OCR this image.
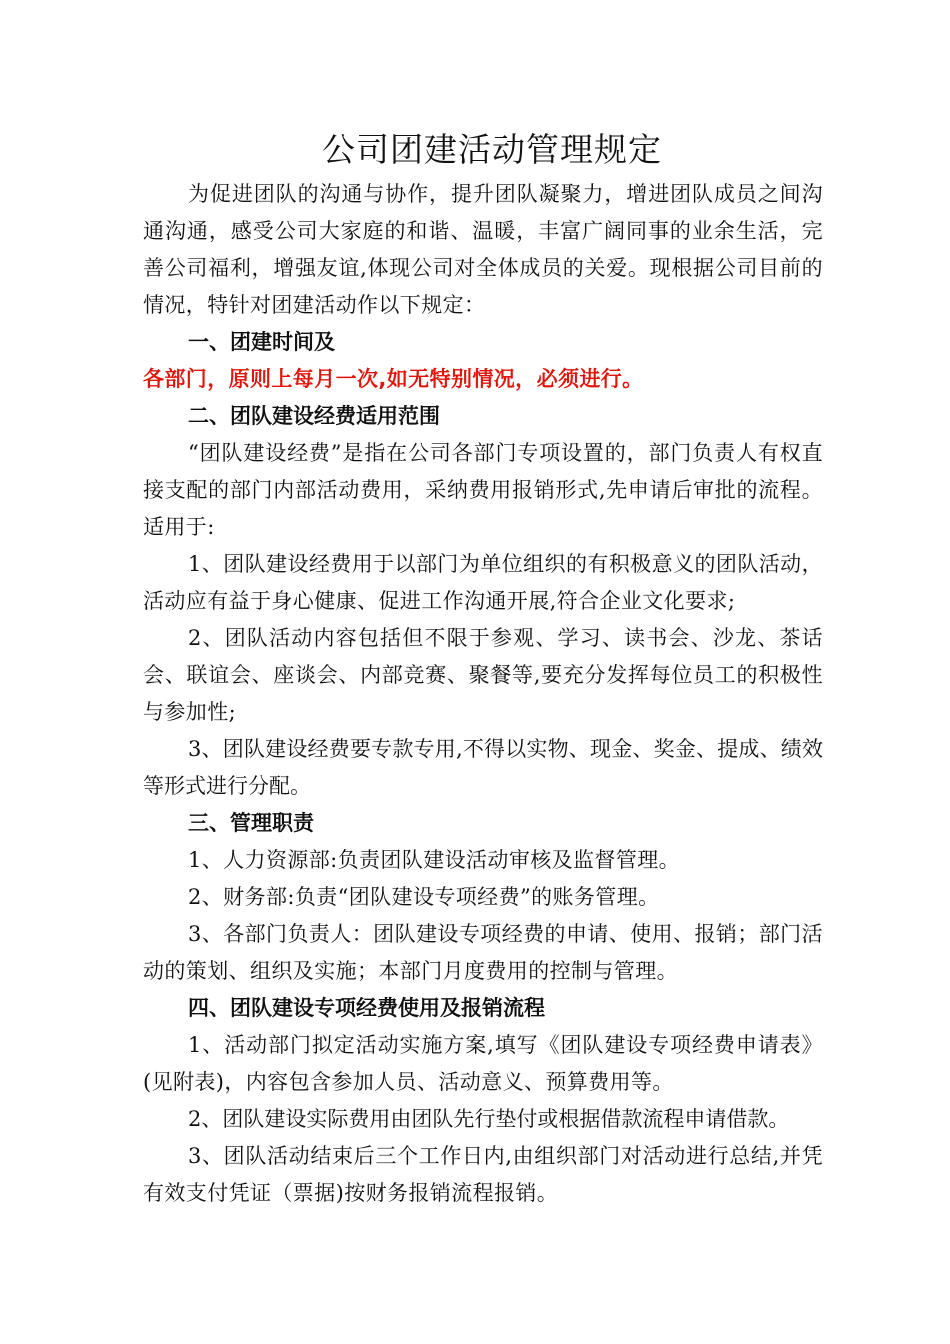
公司团建活动管理规定

为促进团队的沟通与协作，提升团队凝聚力，增进团队成员之间沟通沟通，感受公司大家庭的和谐、温暖，丰富广阔同事的业余生活，完善公司福利，增强友谊,体现公司对全体成员的关爱。现根据公司目前的情况，特针对团建活动作以下规定：

一、团建时间及

各部门，原则上每月一次,如无特别情况，必须进行。

二、团队建设经费适用范围

“团队建设经费”是指在公司各部门专项设置的，部门负责人有权直接支配的部门内部活动费用，采纳费用报销形式,先申请后审批的流程。适用于:

1、团队建设经费用于以部门为单位组织的有积极意义的团队活动，活动应有益于身心健康、促进工作沟通开展,符合企业文化要求;

2、团队活动内容包括但不限于参观、学习、读书会、沙龙、茶话会、联谊会、座谈会、内部竞赛、聚餐等,要充分发挥每位员工的积极性与参加性;

3、团队建设经费要专款专用,不得以实物、现金、奖金、提成、绩效等形式进行分配。

三、管理职责

1、人力资源部:负责团队建设活动审核及监督管理。

2、财务部:负责“团队建设专项经费”的账务管理。

3、各部门负责人：团队建设专项经费的申请、使用、报销；部门活动的策划、组织及实施；本部门月度费用的控制与管理。

四、团队建设专项经费使用及报销流程

1、活动部门拟定活动实施方案,填写《团队建设专项经费申请表》(见附表)，内容包含参加人员、活动意义、预算费用等。

2、团队建设实际费用由团队先行垫付或根据借款流程申请借款。

3、团队活动结束后三个工作日内,由组织部门对活动进行总结,并凭有效支付凭证（票据)按财务报销流程报销。
